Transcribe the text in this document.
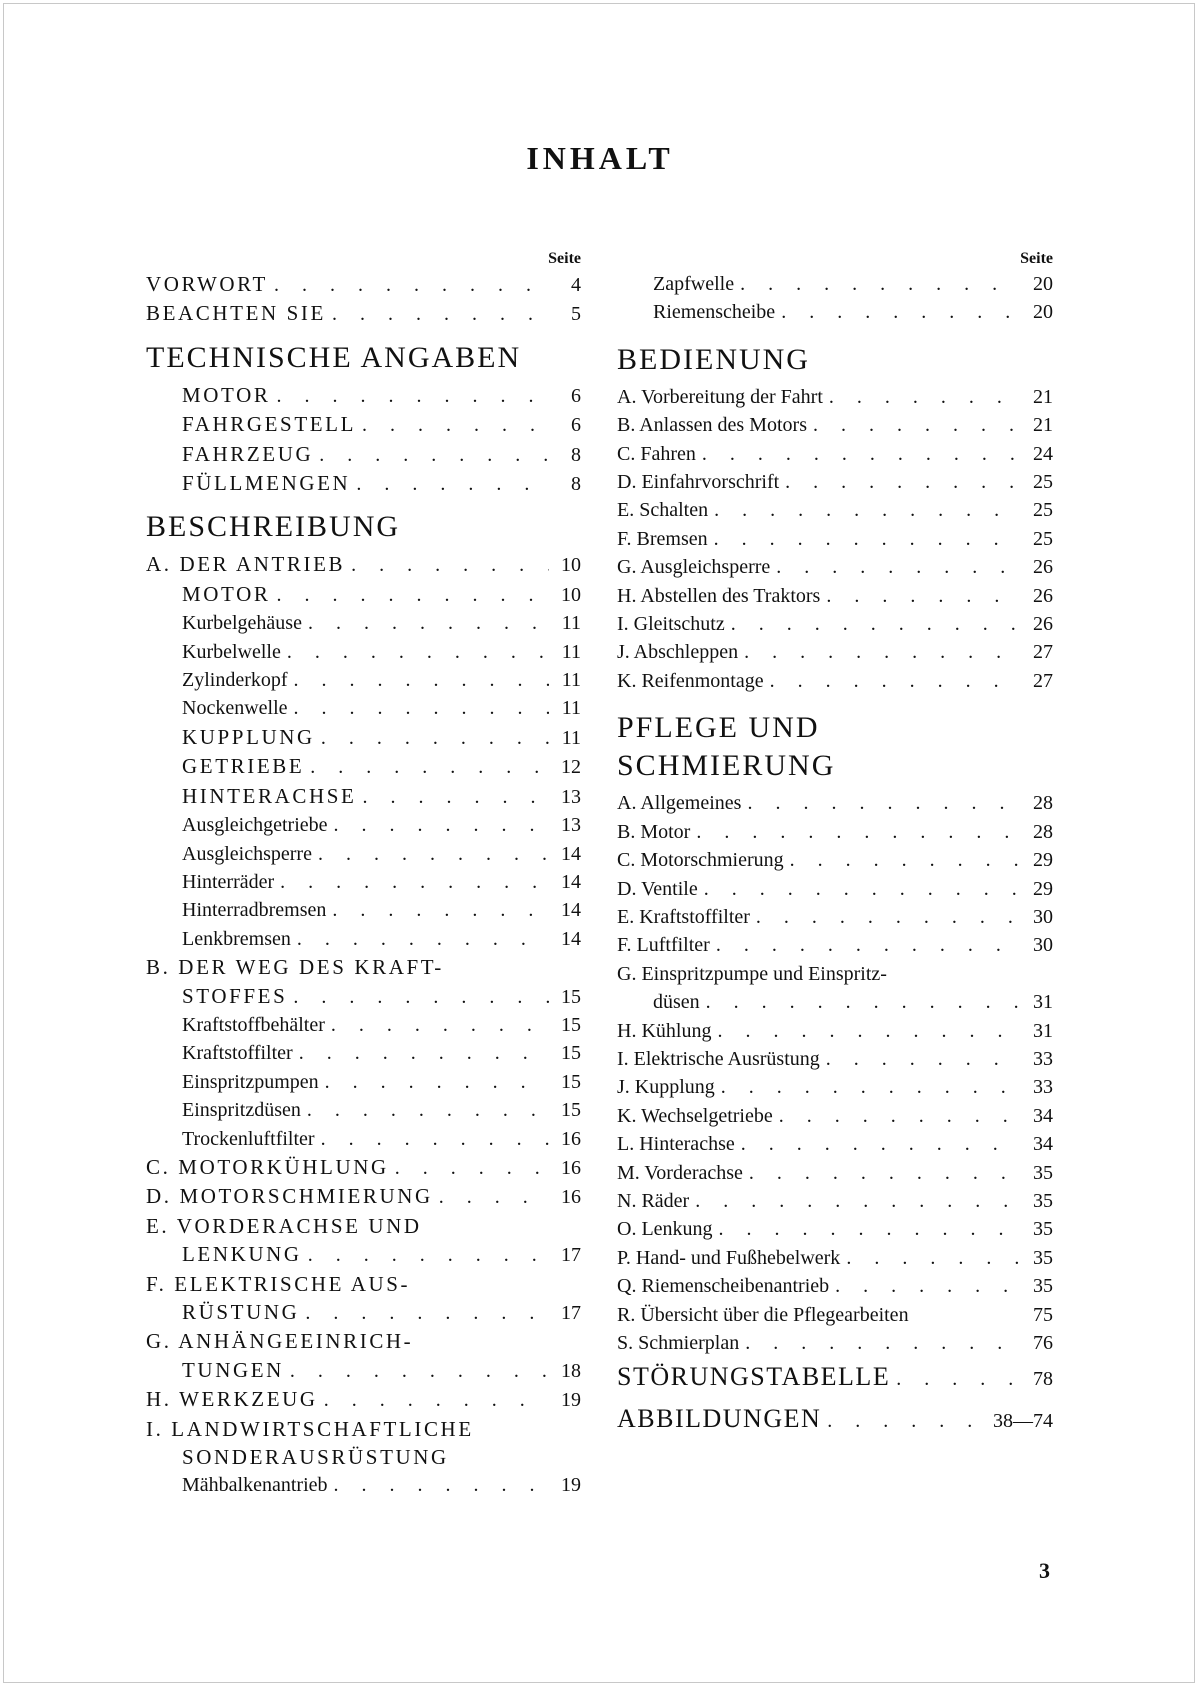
INHALT
Seite
VORWORT . . .	4
BEACHTEN SIE . . .	5
TECHNISCHE ANGABEN
MOTOR . . .	6
FAHRGESTELL . . .	6
FAHRZEUG . . .	8
FÜLLMENGEN . . .	8
BESCHREIBUNG
A. DER ANTRIEB . . .	10
MOTOR . . .	10
Kurbelgehäuse . . .	11
Kurbelwelle . . .	11
Zylinderkopf . . .	11
Nockenwelle . . .	11
KUPPLUNG . . .	11
GETRIEBE . . .	12
HINTERACHSE . . .	13
Ausgleichgetriebe . . .	13
Ausgleichsperre . . .	14
Hinterräder . . .	14
Hinterradbremsen . . .	14
Lenkbremsen . . .	14
B. DER WEG DES KRAFT-
STOFFES . . .	15
Kraftstoffbehälter . . .	15
Kraftstoffilter . . .	15
Einspritzpumpen . . .	15
Einspritzdüsen . . .	15
Trockenluftfilter . . .	16
C. MOTORKÜHLUNG . . .	16
D. MOTORSCHMIERUNG . . .	16
E. VORDERACHSE UND
LENKUNG . . .	17
F. ELEKTRISCHE AUS-
RÜSTUNG . . .	17
G. ANHÄNGEEINRICH-
TUNGEN . . .	18
H. WERKZEUG . . .	19
I. LANDWIRTSCHAFTLICHE
SONDERAUSRÜSTUNG
Mähbalkenantrieb . . .	19
Seite
Zapfwelle . . .	20
Riemenscheibe . . .	20
BEDIENUNG
A. Vorbereitung der Fahrt . . .	21
B. Anlassen des Motors . . .	21
C. Fahren . . .	24
D. Einfahrvorschrift . . .	25
E. Schalten . . .	25
F. Bremsen . . .	25
G. Ausgleichsperre . . .	26
H. Abstellen des Traktors . . .	26
I. Gleitschutz . . .	26
J. Abschleppen . . .	27
K. Reifenmontage . . .	27
PFLEGE UND
SCHMIERUNG
A. Allgemeines . . .	28
B. Motor . . .	28
C. Motorschmierung . . .	29
D. Ventile . . .	29
E. Kraftstoffilter . . .	30
F. Luftfilter . . .	30
G. Einspritzpumpe und Einspritz-
düsen . . .	31
H. Kühlung . . .	31
I. Elektrische Ausrüstung . . .	33
J. Kupplung . . .	33
K. Wechselgetriebe . . .	34
L. Hinterachse . . .	34
M. Vorderachse . . .	35
N. Räder . . .	35
O. Lenkung . . .	35
P. Hand- und Fußhebelwerk . . .	35
Q. Riemenscheibenantrieb . . .	35
R. Übersicht über die Pflegearbeiten	75
S. Schmierplan . . .	76
STÖRUNGSTABELLE . . .	78
ABBILDUNGEN . . .	38—74
3
